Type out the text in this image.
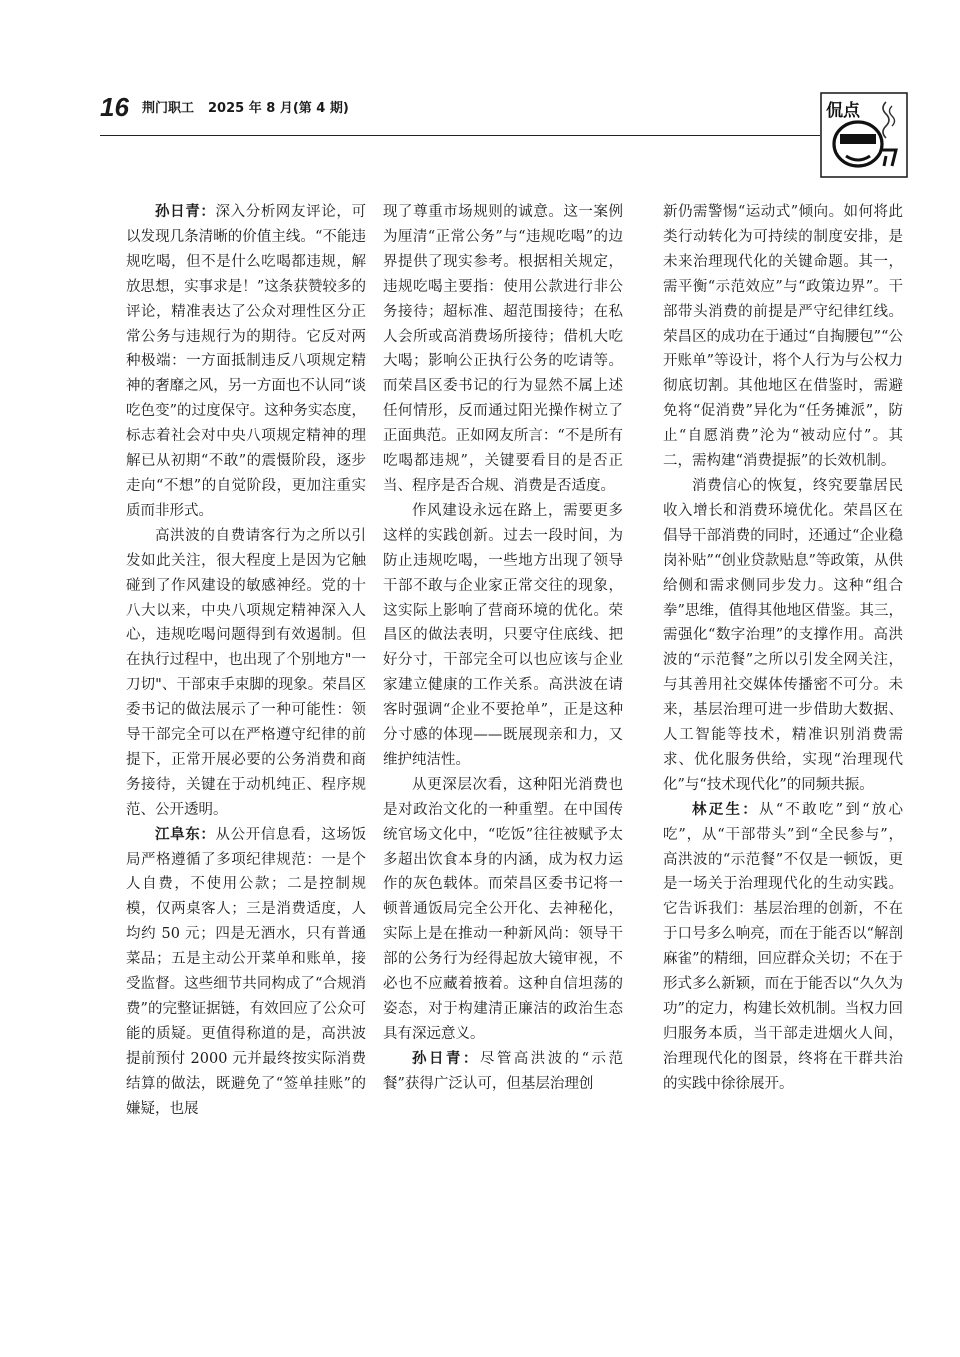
16 荆门职工 2025 年 8 月(第 4 期)	侃点

孙日青：深入分析网友评论，可以发现几条清晰的价值主线。“不能违规吃喝，但不是什么吃喝都违规，解放思想，实事求是！”这条获赞较多的评论，精准表达了公众对理性区分正常公务与违规行为的期待。它反对两种极端：一方面抵制违反八项规定精神的奢靡之风，另一方面也不认同“谈吃色变”的过度保守。这种务实态度，标志着社会对中央八项规定精神的理解已从初期“不敢”的震慑阶段，逐步走向“不想”的自觉阶段，更加注重实质而非形式。

高洪波的自费请客行为之所以引发如此关注，很大程度上是因为它触碰到了作风建设的敏感神经。党的十八大以来，中央八项规定精神深入人心，违规吃喝问题得到有效遏制。但在执行过程中，也出现了个别地方"一刀切"、干部束手束脚的现象。荣昌区委书记的做法展示了一种可能性：领导干部完全可以在严格遵守纪律的前提下，正常开展必要的公务消费和商务接待，关键在于动机纯正、程序规范、公开透明。

江阜东：从公开信息看，这场饭局严格遵循了多项纪律规范：一是个人自费，不使用公款；二是控制规模，仅两桌客人；三是消费适度，人均约 50 元；四是无酒水，只有普通菜品；五是主动公开菜单和账单，接受监督。这些细节共同构成了“合规消费”的完整证据链，有效回应了公众可能的质疑。更值得称道的是，高洪波提前预付 2000 元并最终按实际消费结算的做法，既避免了“签单挂账”的嫌疑，也展

现了尊重市场规则的诚意。这一案例为厘清“正常公务”与“违规吃喝”的边界提供了现实参考。根据相关规定，违规吃喝主要指：使用公款进行非公务接待；超标准、超范围接待；在私人会所或高消费场所接待；借机大吃大喝；影响公正执行公务的吃请等。而荣昌区委书记的行为显然不属上述任何情形，反而通过阳光操作树立了正面典范。正如网友所言：“不是所有吃喝都违规”，关键要看目的是否正当、程序是否合规、消费是否适度。

作风建设永远在路上，需要更多这样的实践创新。过去一段时间，为防止违规吃喝，一些地方出现了领导干部不敢与企业家正常交往的现象，这实际上影响了营商环境的优化。荣昌区的做法表明，只要守住底线、把好分寸，干部完全可以也应该与企业家建立健康的工作关系。高洪波在请客时强调“企业不要抢单”，正是这种分寸感的体现——既展现亲和力，又维护纯洁性。

从更深层次看，这种阳光消费也是对政治文化的一种重塑。在中国传统官场文化中，“吃饭”往往被赋予太多超出饮食本身的内涵，成为权力运作的灰色载体。而荣昌区委书记将一顿普通饭局完全公开化、去神秘化，实际上是在推动一种新风尚：领导干部的公务行为经得起放大镜审视，不必也不应藏着掖着。这种自信坦荡的姿态，对于构建清正廉洁的政治生态具有深远意义。

孙日青：尽管高洪波的“示范餐”获得广泛认可，但基层治理创

新仍需警惕“运动式”倾向。如何将此类行动转化为可持续的制度安排，是未来治理现代化的关键命题。其一，需平衡“示范效应”与“政策边界”。干部带头消费的前提是严守纪律红线。荣昌区的成功在于通过“自掏腰包”“公开账单”等设计，将个人行为与公权力彻底切割。其他地区在借鉴时，需避免将“促消费”异化为“任务摊派”，防止“自愿消费”沦为“被动应付”。其二，需构建“消费提振”的长效机制。

消费信心的恢复，终究要靠居民收入增长和消费环境优化。荣昌区在倡导干部消费的同时，还通过“企业稳岗补贴”“创业贷款贴息”等政策，从供给侧和需求侧同步发力。这种“组合拳”思维，值得其他地区借鉴。其三，需强化“数字治理”的支撑作用。高洪波的“示范餐”之所以引发全网关注，与其善用社交媒体传播密不可分。未来，基层治理可进一步借助大数据、人工智能等技术，精准识别消费需求、优化服务供给，实现“治理现代化”与“技术现代化”的同频共振。

林疋生：从“不敢吃”到“放心吃”，从“干部带头”到“全民参与”，高洪波的“示范餐”不仅是一顿饭，更是一场关于治理现代化的生动实践。它告诉我们：基层治理的创新，不在于口号多么响亮，而在于能否以“解剖麻雀”的精细，回应群众关切；不在于形式多么新颖，而在于能否以“久久为功”的定力，构建长效机制。当权力回归服务本质，当干部走进烟火人间，治理现代化的图景，终将在干群共治的实践中徐徐展开。
